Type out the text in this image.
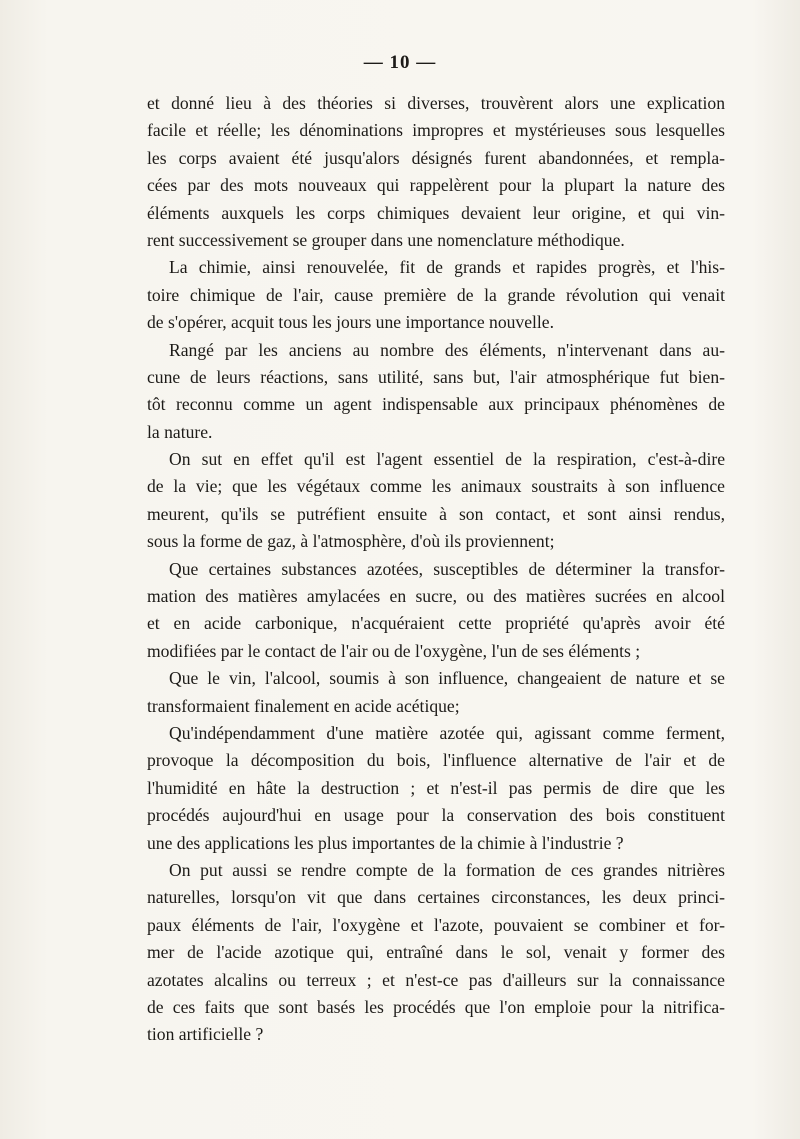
— 10 —
et donné lieu à des théories si diverses, trouvèrent alors une explication
facile et réelle; les dénominations impropres et mystérieuses sous lesquelles
les corps avaient été jusqu'alors désignés furent abandonnées, et rempla-
cées par des mots nouveaux qui rappelèrent pour la plupart la nature des
éléments auxquels les corps chimiques devaient leur origine, et qui vin-
rent successivement se grouper dans une nomenclature méthodique.
La chimie, ainsi renouvelée, fit de grands et rapides progrès, et l'his-
toire chimique de l'air, cause première de la grande révolution qui venait
de s'opérer, acquit tous les jours une importance nouvelle.
Rangé par les anciens au nombre des éléments, n'intervenant dans au-
cune de leurs réactions, sans utilité, sans but, l'air atmosphérique fut bien-
tôt reconnu comme un agent indispensable aux principaux phénomènes de
la nature.
On sut en effet qu'il est l'agent essentiel de la respiration, c'est-à-dire
de la vie; que les végétaux comme les animaux soustraits à son influence
meurent, qu'ils se putréfient ensuite à son contact, et sont ainsi rendus,
sous la forme de gaz, à l'atmosphère, d'où ils proviennent;
Que certaines substances azotées, susceptibles de déterminer la transfor-
mation des matières amylacées en sucre, ou des matières sucrées en alcool
et en acide carbonique, n'acquéraient cette propriété qu'après avoir été
modifiées par le contact de l'air ou de l'oxygène, l'un de ses éléments ;
Que le vin, l'alcool, soumis à son influence, changeaient de nature et se
transformaient finalement en acide acétique;
Qu'indépendamment d'une matière azotée qui, agissant comme ferment,
provoque la décomposition du bois, l'influence alternative de l'air et de
l'humidité en hâte la destruction ; et n'est-il pas permis de dire que les
procédés aujourd'hui en usage pour la conservation des bois constituent
une des applications les plus importantes de la chimie à l'industrie ?
On put aussi se rendre compte de la formation de ces grandes nitrières
naturelles, lorsqu'on vit que dans certaines circonstances, les deux princi-
paux éléments de l'air, l'oxygène et l'azote, pouvaient se combiner et for-
mer de l'acide azotique qui, entraîné dans le sol, venait y former des
azotates alcalins ou terreux ; et n'est-ce pas d'ailleurs sur la connaissance
de ces faits que sont basés les procédés que l'on emploie pour la nitrifica-
tion artificielle ?
